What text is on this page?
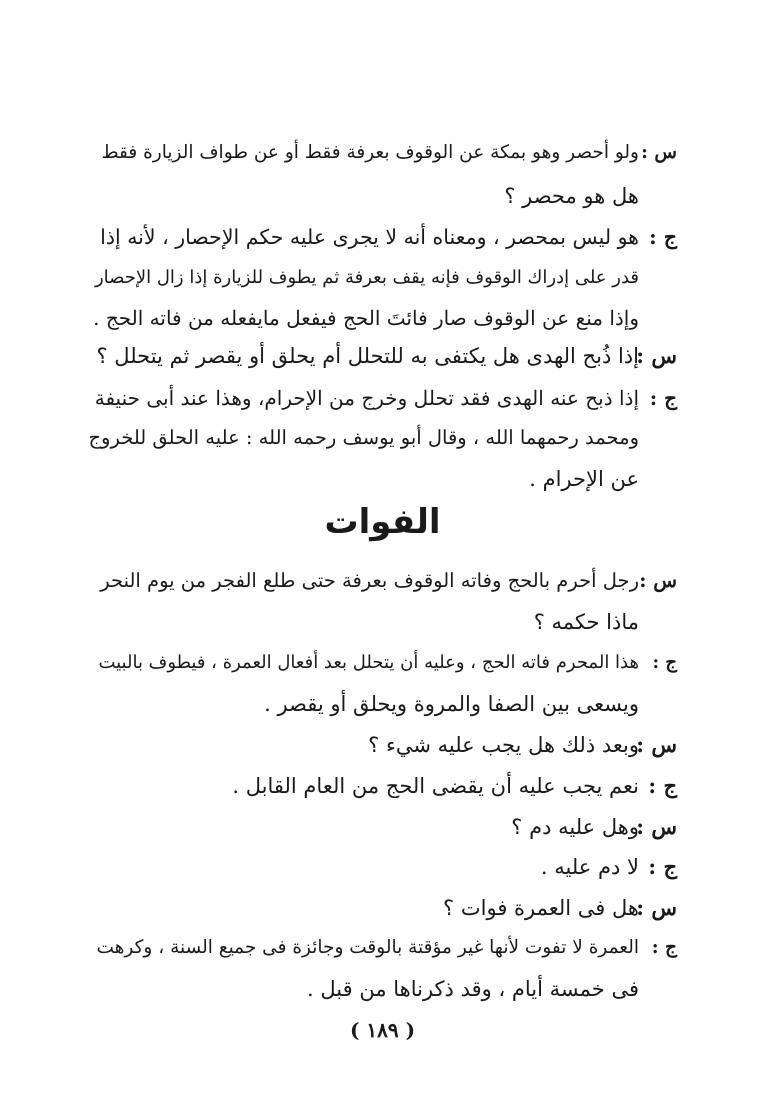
س :ولو أحصر وهو بمكة عن الوقوف بعرفة فقط أو عن طواف الزيارة فقط
هل هو محصر ؟
ج :هو ليس بمحصر ، ومعناه أنه لا يجرى عليه حكم الإحصار ، لأنه إذا
قدر على إدراك الوقوف فإنه يقف بعرفة ثم يطوف للزيارة إذا زال الإحصار
وإذا منع عن الوقوف صار فائتَ الحج فيفعل مايفعله من فاته الحج .
س :إذا ذُبح الهدى هل يكتفى به للتحلل أم يحلق أو يقصر ثم يتحلل ؟
ج :إذا ذبح عنه الهدى فقد تحلل وخرج من الإحرام، وهذا عند أبى حنيفة
ومحمد رحمهما الله ، وقال أبو يوسف رحمه الله : عليه الحلق للخروج
عن الإحرام .
الفوات
س :رجل أحرم بالحج وفاته الوقوف بعرفة حتى طلع الفجر من يوم النحر
ماذا حكمه ؟
ج :هذا المحرم فاته الحج ، وعليه أن يتحلل بعد أفعال العمرة ، فيطوف بالبيت
ويسعى بين الصفا والمروة ويحلق أو يقصر .
س :وبعد ذلك هل يجب عليه شيء ؟
ج :نعم يجب عليه أن يقضى الحج من العام القابل .
س :وهل عليه دم ؟
ج :لا دم عليه .
س :هل فى العمرة فوات ؟
ج :العمرة لا تفوت لأنها غير مؤقتة بالوقت وجائزة فى جميع السنة ، وكرهت
فى خمسة أيام ، وقد ذكرناها من قبل .
( ١٨٩ )
